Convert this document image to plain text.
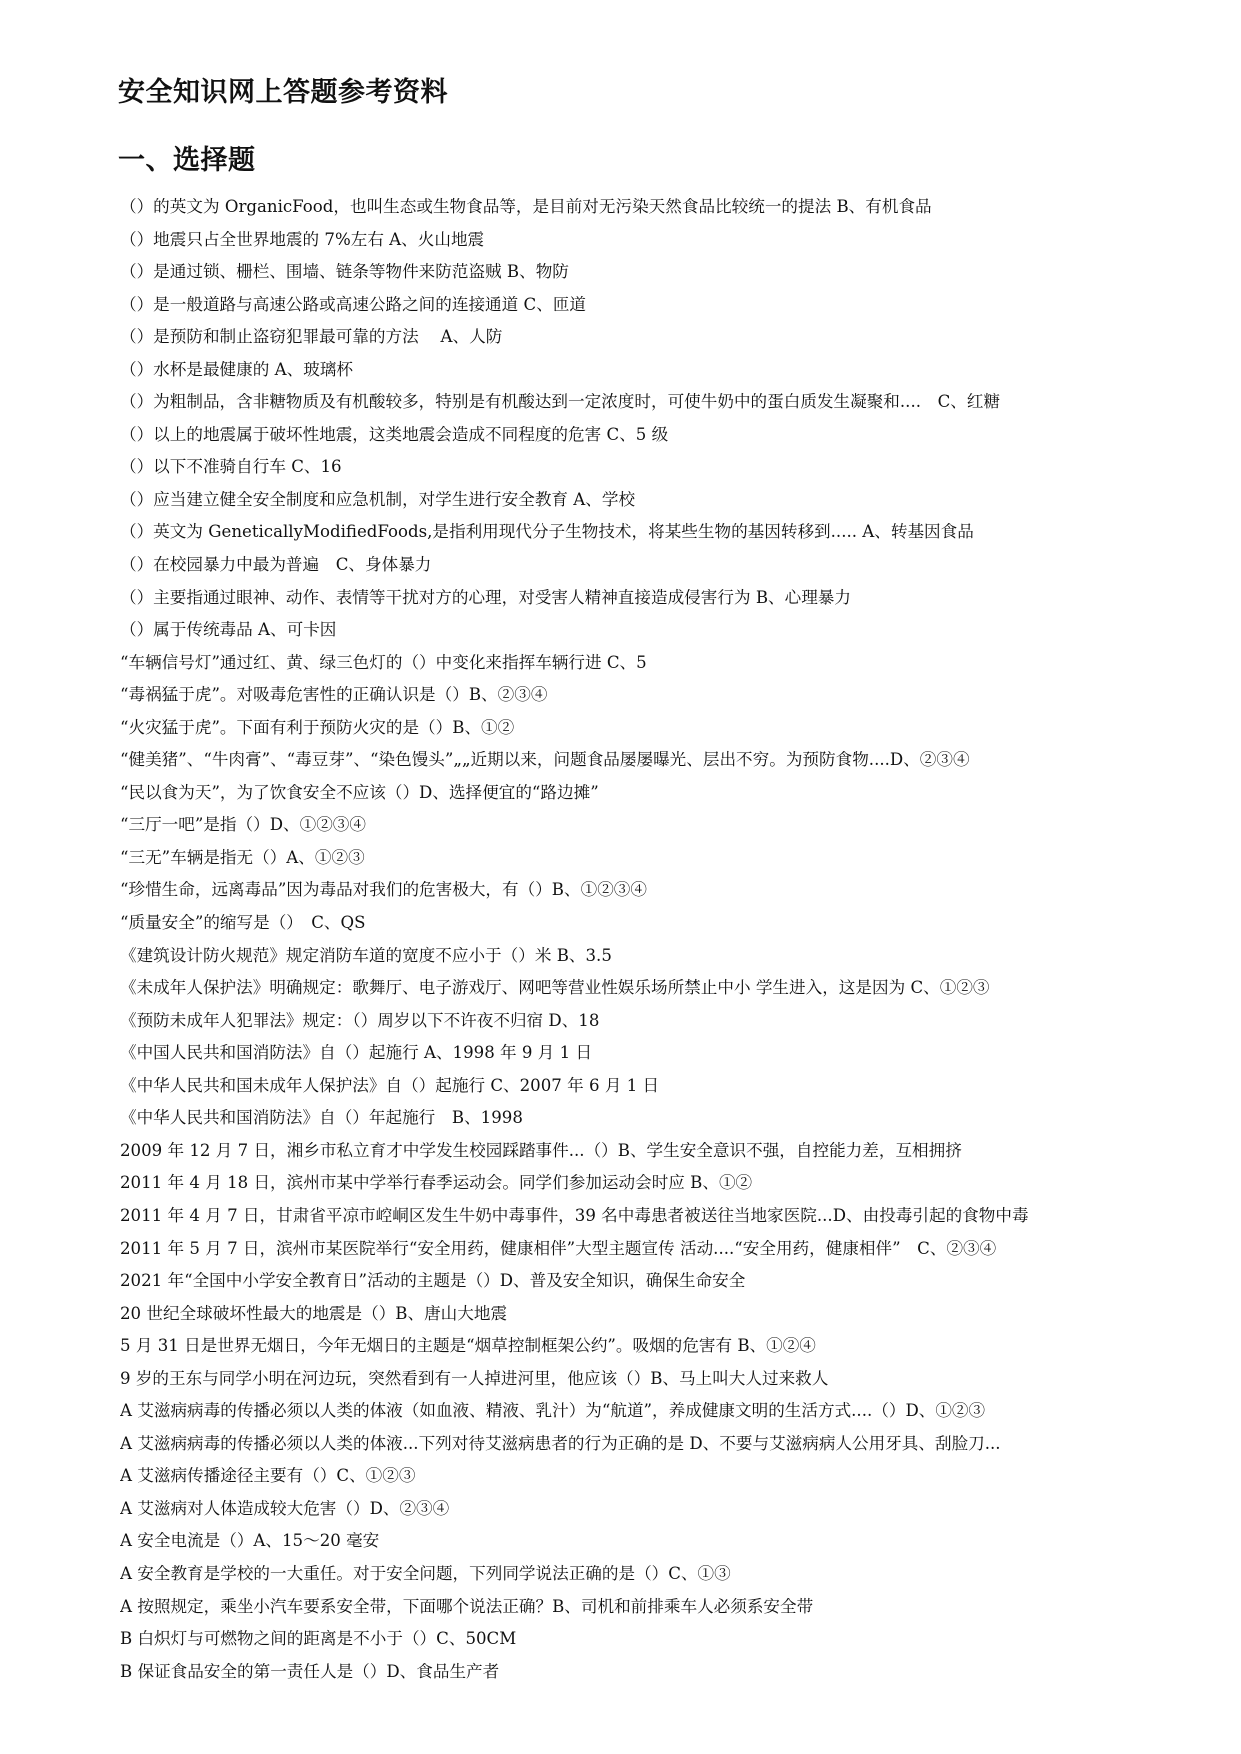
安全知识网上答题参考资料
一、选择题
（）的英文为 OrganicFood，也叫生态或生物食品等，是目前对无污染天然食品比较统一的提法 B、有机食品
（）地震只占全世界地震的 7%左右 A、火山地震
（）是通过锁、栅栏、围墙、链条等物件来防范盗贼 B、物防
（）是一般道路与高速公路或高速公路之间的连接通道 C、匝道
（）是预防和制止盗窃犯罪最可靠的方法　 A、人防
（）水杯是最健康的 A、玻璃杯
（）为粗制品，含非糖物质及有机酸较多，特别是有机酸达到一定浓度时，可使牛奶中的蛋白质发生凝聚和....　C、红糖
（）以上的地震属于破坏性地震，这类地震会造成不同程度的危害 C、5 级
（）以下不准骑自行车 C、16
（）应当建立健全安全制度和应急机制，对学生进行安全教育 A、学校
（）英文为 GeneticallyModifiedFoods,是指利用现代分子生物技术，将某些生物的基因转移到..... A、转基因食品
（）在校园暴力中最为普遍　C、身体暴力
（）主要指通过眼神、动作、表情等干扰对方的心理，对受害人精神直接造成侵害行为 B、心理暴力
（）属于传统毒品 A、可卡因
“车辆信号灯”通过红、黄、绿三色灯的（）中变化来指挥车辆行进 C、5
“毒祸猛于虎”。对吸毒危害性的正确认识是（）B、②③④
“火灾猛于虎”。下面有利于预防火灾的是（）B、①②
“健美猪”、“牛肉膏”、“毒豆芽”、“染色馒头”„„近期以来，问题食品屡屡曝光、层出不穷。为预防食物....D、②③④
“民以食为天”，为了饮食安全不应该（）D、选择便宜的“路边摊”
“三厅一吧”是指（）D、①②③④
“三无”车辆是指无（）A、①②③
“珍惜生命，远离毒品”因为毒品对我们的危害极大，有（）B、①②③④
“质量安全”的缩写是（）　C、QS
《建筑设计防火规范》规定消防车道的宽度不应小于（）米 B、3.5
《未成年人保护法》明确规定：歌舞厅、电子游戏厅、网吧等营业性娱乐场所禁止中小 学生进入，这是因为 C、①②③
《预防未成年人犯罪法》规定：（）周岁以下不许夜不归宿 D、18
《中国人民共和国消防法》自（）起施行 A、1998 年 9 月 1 日
《中华人民共和国未成年人保护法》自（）起施行 C、2007 年 6 月 1 日
《中华人民共和国消防法》自（）年起施行　B、1998
2009 年 12 月 7 日，湘乡市私立育才中学发生校园踩踏事件...（）B、学生安全意识不强，自控能力差，互相拥挤
2011 年 4 月 18 日，滨州市某中学举行春季运动会。同学们参加运动会时应 B、①②
2011 年 4 月 7 日，甘肃省平凉市崆峒区发生牛奶中毒事件，39 名中毒患者被送往当地家医院...D、由投毒引起的食物中毒
2011 年 5 月 7 日，滨州市某医院举行“安全用药，健康相伴”大型主题宣传 活动....“安全用药，健康相伴”　C、②③④
2021 年“全国中小学安全教育日”活动的主题是（）D、普及安全知识，确保生命安全
20 世纪全球破坏性最大的地震是（）B、唐山大地震
5 月 31 日是世界无烟日，今年无烟日的主题是“烟草控制框架公约”。吸烟的危害有 B、①②④
9 岁的王东与同学小明在河边玩，突然看到有一人掉进河里，他应该（）B、马上叫大人过来救人
A 艾滋病病毒的传播必须以人类的体液（如血液、精液、乳汁）为“航道”，养成健康文明的生活方式....（）D、①②③
A 艾滋病病毒的传播必须以人类的体液...下列对待艾滋病患者的行为正确的是 D、不要与艾滋病病人公用牙具、刮脸刀...
A 艾滋病传播途径主要有（）C、①②③
A 艾滋病对人体造成较大危害（）D、②③④
A 安全电流是（）A、15～20 毫安
A 安全教育是学校的一大重任。对于安全问题，下列同学说法正确的是（）C、①③
A 按照规定，乘坐小汽车要系安全带，下面哪个说法正确？B、司机和前排乘车人必须系安全带
B 白炽灯与可燃物之间的距离是不小于（）C、50CM
B 保证食品安全的第一责任人是（）D、食品生产者
